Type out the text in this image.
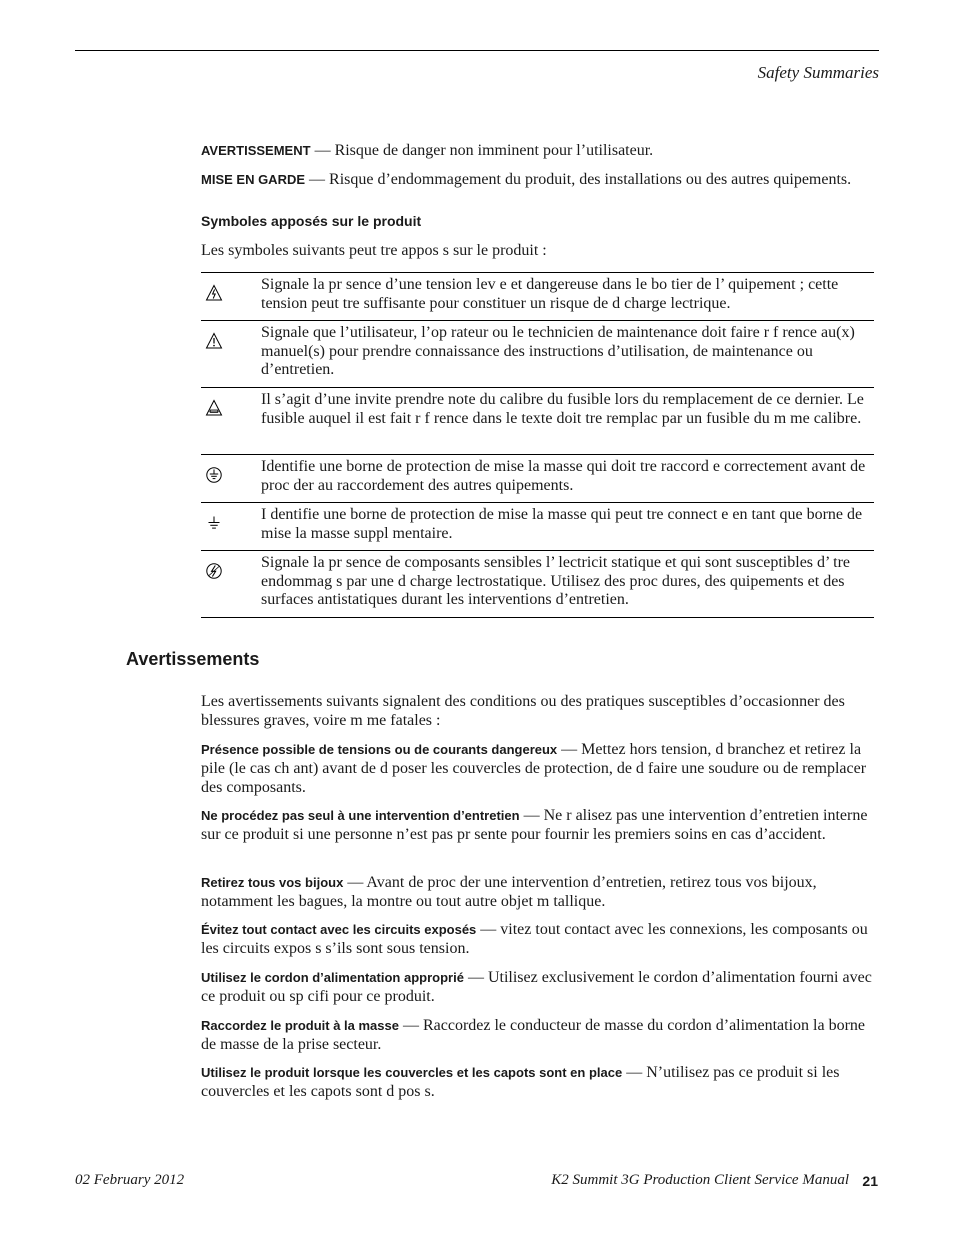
Safety Summaries

AVERTISSEMENT — Risque de danger non imminent pour l’utilisateur.

MISE EN GARDE — Risque d’endommagement du produit, des installations ou des autres quipements.

Symboles apposés sur le produit

Les symboles suivants peut tre appos s sur le produit :

Signale la pr sence d’une tension lev e et dangereuse dans le bo tier de l’ quipement ; cette tension peut tre suffisante pour constituer un risque de d charge lectrique.
Signale que l’utilisateur, l’op rateur ou le technicien de maintenance doit faire r f rence au(x) manuel(s) pour prendre connaissance des instructions d’utilisation, de maintenance ou d’entretien.
Il s’agit d’une invite prendre note du calibre du fusible lors du remplacement de ce dernier. Le fusible auquel il est fait r f rence dans le texte doit tre remplac par un fusible du m me calibre.
Identifie une borne de protection de mise la masse qui doit tre raccord e correctement avant de proc der au raccordement des autres quipements.
I dentifie une borne de protection de mise la masse qui peut tre connect e en tant que borne de mise la masse suppl mentaire.
Signale la pr sence de composants sensibles l’ lectricit statique et qui sont susceptibles d’ tre endommag s par une d charge lectrostatique. Utilisez des proc dures, des quipements et des surfaces antistatiques durant les interventions d’entretien.
Avertissements

Les avertissements suivants signalent des conditions ou des pratiques susceptibles d’occasionner des blessures graves, voire m me fatales :

Présence possible de tensions ou de courants dangereux — Mettez hors tension, d branchez et retirez la pile (le cas ch ant) avant de d poser les couvercles de protection, de d faire une soudure ou de remplacer des composants.

Ne procédez pas seul à une intervention d’entretien — Ne r alisez pas une intervention d’entretien interne sur ce produit si une personne n’est pas pr sente pour fournir les premiers soins en cas d’accident.

Retirez tous vos bijoux — Avant de proc der une intervention d’entretien, retirez tous vos bijoux, notamment les bagues, la montre ou tout autre objet m tallique.

Évitez tout contact avec les circuits exposés — vitez tout contact avec les connexions, les composants ou les circuits expos s s’ils sont sous tension.

Utilisez le cordon d’alimentation approprié — Utilisez exclusivement le cordon d’alimentation fourni avec ce produit ou sp cifi pour ce produit.

Raccordez le produit à la masse — Raccordez le conducteur de masse du cordon d’alimentation la borne de masse de la prise secteur.

Utilisez le produit lorsque les couvercles et les capots sont en place — N’utilisez pas ce produit si les couvercles et les capots sont d pos s.

02 February 2012	K2 Summit 3G Production Client Service Manual 21
